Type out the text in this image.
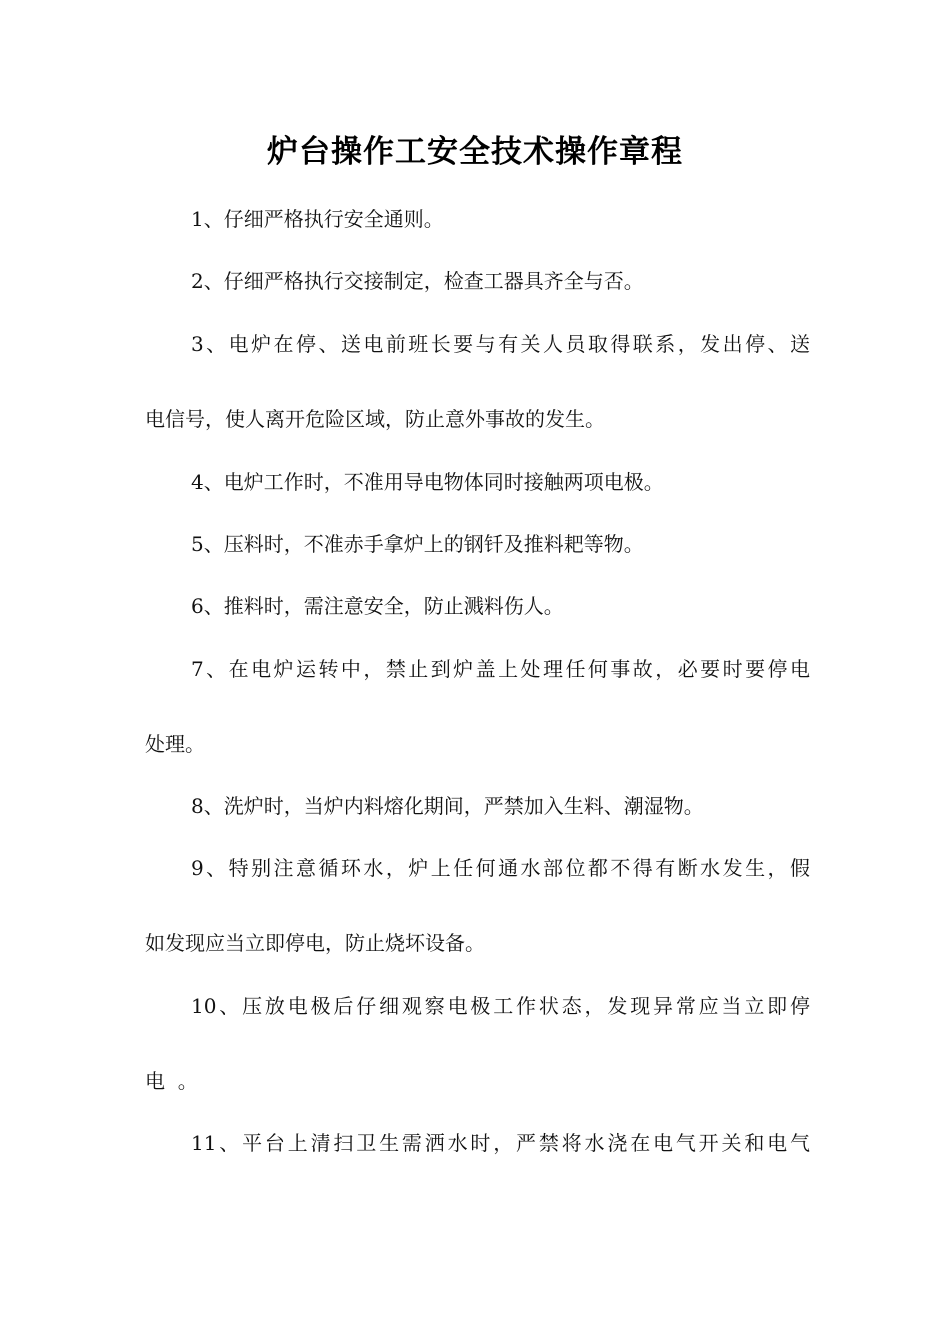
炉台操作工安全技术操作章程
1、仔细严格执行安全通则。
2、仔细严格执行交接制定，检查工器具齐全与否。
3、电炉在停、送电前班长要与有关人员取得联系，发出停、送
电信号，使人离开危险区域，防止意外事故的发生。
4、电炉工作时，不准用导电物体同时接触两项电极。
5、压料时，不准赤手拿炉上的钢钎及推料耙等物。
6、推料时，需注意安全，防止溅料伤人。
7、在电炉运转中，禁止到炉盖上处理任何事故，必要时要停电
处理。
8、洗炉时，当炉内料熔化期间，严禁加入生料、潮湿物。
9、特别注意循环水，炉上任何通水部位都不得有断水发生，假
如发现应当立即停电，防止烧坏设备。
10、压放电极后仔细观察电极工作状态，发现异常应当立即停
电  。
11、平台上清扫卫生需洒水时，严禁将水浇在电气开关和电气
